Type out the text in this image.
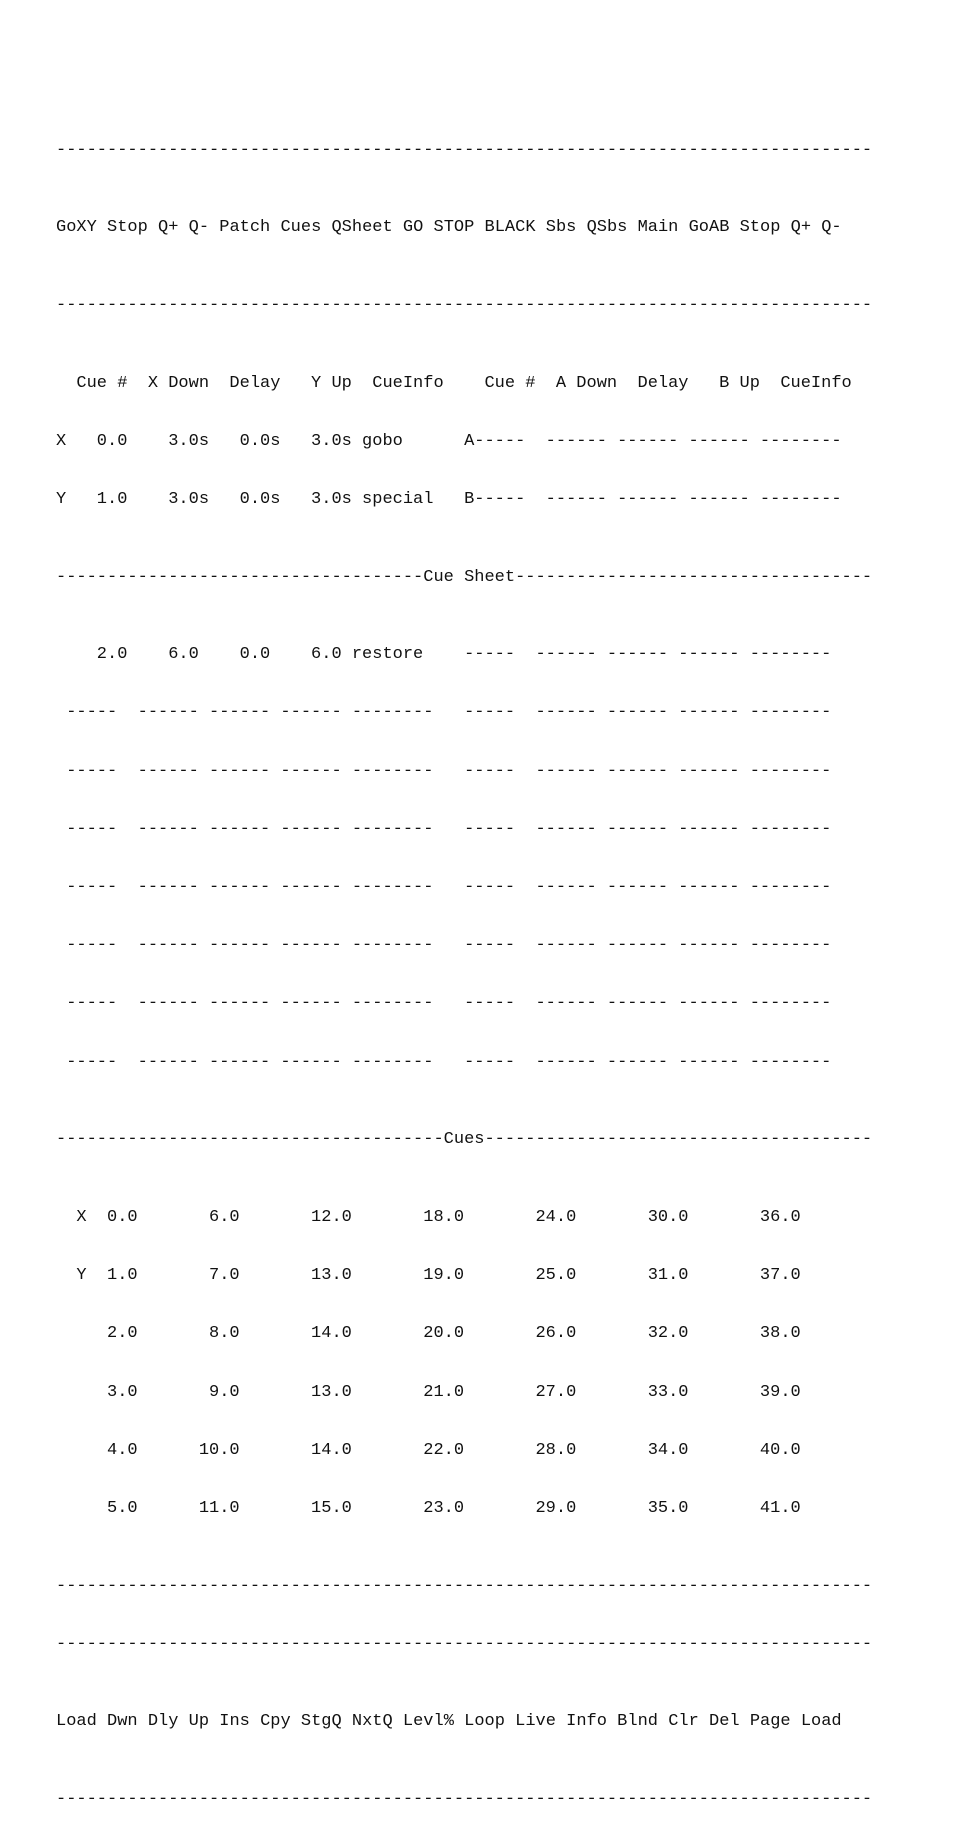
--------------------------------------------------------------------------------

GoXY Stop Q+ Q- Patch Cues QSheet GO STOP BLACK Sbs QSbs Main GoAB Stop Q+ Q-

--------------------------------------------------------------------------------

Cue #  X Down  Delay   Y Up  CueInfo    Cue #  A Down  Delay   B Up  CueInfo

X   0.0    3.0s   0.0s   3.0s gobo      A-----  ------ ------ ------ --------

Y   1.0    3.0s   0.0s   3.0s special   B-----  ------ ------ ------ --------

------------------------------------Cue Sheet-----------------------------------

2.0    6.0    0.0    6.0 restore    -----  ------ ------ ------ --------

-----  ------ ------ ------ --------   -----  ------ ------ ------ --------

-----  ------ ------ ------ --------   -----  ------ ------ ------ --------

-----  ------ ------ ------ --------   -----  ------ ------ ------ --------

-----  ------ ------ ------ --------   -----  ------ ------ ------ --------

-----  ------ ------ ------ --------   -----  ------ ------ ------ --------

-----  ------ ------ ------ --------   -----  ------ ------ ------ --------

-----  ------ ------ ------ --------   -----  ------ ------ ------ --------

--------------------------------------Cues--------------------------------------

X  0.0       6.0       12.0       18.0       24.0       30.0       36.0

Y  1.0       7.0       13.0       19.0       25.0       31.0       37.0

2.0       8.0       14.0       20.0       26.0       32.0       38.0

3.0       9.0       13.0       21.0       27.0       33.0       39.0

4.0      10.0       14.0       22.0       28.0       34.0       40.0

5.0      11.0       15.0       23.0       29.0       35.0       41.0

--------------------------------------------------------------------------------

--------------------------------------------------------------------------------

Load Dwn Dly Up Ins Cpy StgQ NxtQ Levl% Loop Live Info Blnd Clr Del Page Load

--------------------------------------------------------------------------------
